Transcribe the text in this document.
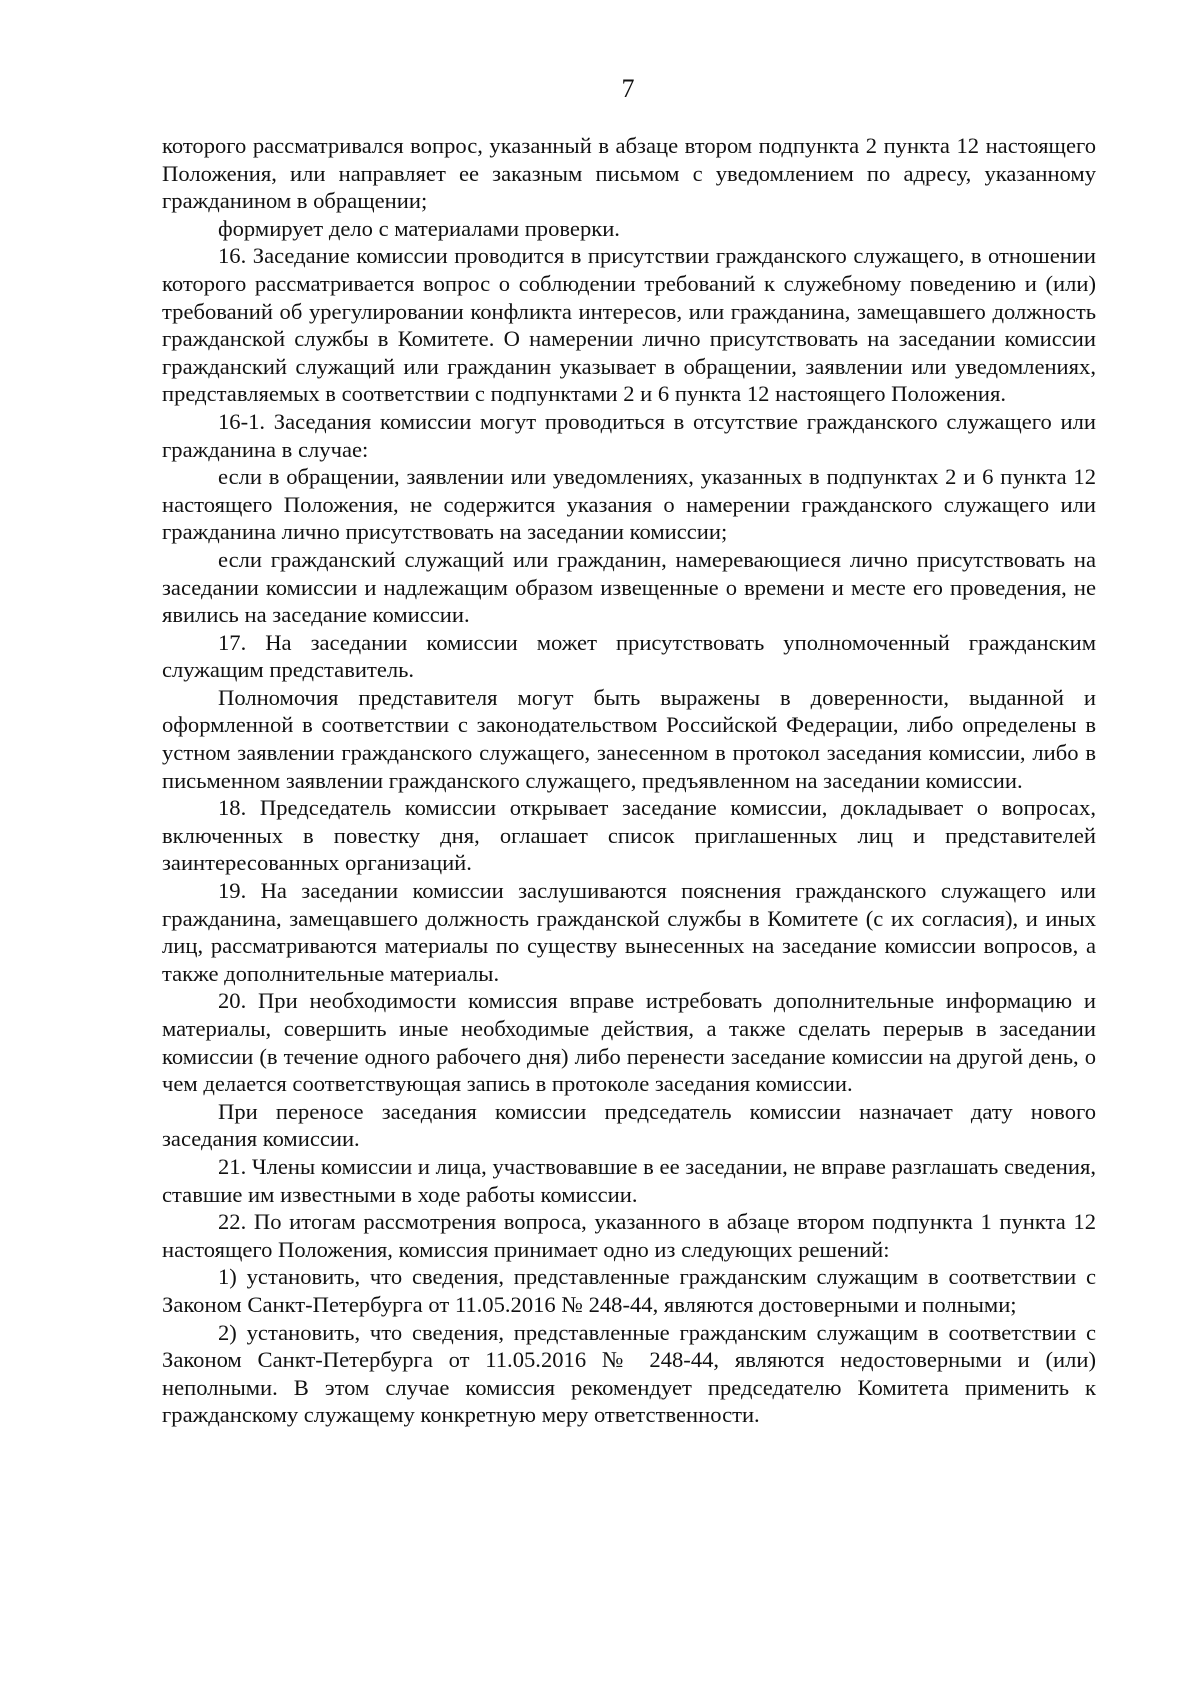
7

которого рассматривался вопрос, указанный в абзаце втором подпункта 2 пункта 12 настоящего Положения, или направляет ее заказным письмом с уведомлением по адресу, указанному гражданином в обращении;

формирует дело с материалами проверки.

16. Заседание комиссии проводится в присутствии гражданского служащего, в отношении которого рассматривается вопрос о соблюдении требований к служебному поведению и (или) требований об урегулировании конфликта интересов, или гражданина, замещавшего должность гражданской службы в Комитете. О намерении лично присутствовать на заседании комиссии гражданский служащий или гражданин указывает в обращении, заявлении или уведомлениях, представляемых в соответствии с подпунктами 2 и 6 пункта 12 настоящего Положения.

16-1. Заседания комиссии могут проводиться в отсутствие гражданского служащего или гражданина в случае:

если в обращении, заявлении или уведомлениях, указанных в подпунктах 2 и 6 пункта 12 настоящего Положения, не содержится указания о намерении гражданского служащего или гражданина лично присутствовать на заседании комиссии;

если гражданский служащий или гражданин, намеревающиеся лично присутствовать на заседании комиссии и надлежащим образом извещенные о времени и месте его проведения, не явились на заседание комиссии.

17. На заседании комиссии может присутствовать уполномоченный гражданским служащим представитель.

Полномочия представителя могут быть выражены в доверенности, выданной и оформленной в соответствии с законодательством Российской Федерации, либо определены в устном заявлении гражданского служащего, занесенном в протокол заседания комиссии, либо в письменном заявлении гражданского служащего, предъявленном на заседании комиссии.

18. Председатель комиссии открывает заседание комиссии, докладывает о вопросах, включенных в повестку дня, оглашает список приглашенных лиц и представителей заинтересованных организаций.

19. На заседании комиссии заслушиваются пояснения гражданского служащего или гражданина, замещавшего должность гражданской службы в Комитете (с их согласия), и иных лиц, рассматриваются материалы по существу вынесенных на заседание комиссии вопросов, а также дополнительные материалы.

20. При необходимости комиссия вправе истребовать дополнительные информацию и материалы, совершить иные необходимые действия, а также сделать перерыв в заседании комиссии (в течение одного рабочего дня) либо перенести заседание комиссии на другой день, о чем делается соответствующая запись в протоколе заседания комиссии.

При переносе заседания комиссии председатель комиссии назначает дату нового заседания комиссии.

21. Члены комиссии и лица, участвовавшие в ее заседании, не вправе разглашать сведения, ставшие им известными в ходе работы комиссии.

22. По итогам рассмотрения вопроса, указанного в абзаце втором подпункта 1 пункта 12 настоящего Положения, комиссия принимает одно из следующих решений:

1) установить, что сведения, представленные гражданским служащим в соответствии с Законом Санкт-Петербурга от 11.05.2016 № 248-44, являются достоверными и полными;

2) установить, что сведения, представленные гражданским служащим в соответствии с Законом Санкт-Петербурга от 11.05.2016 № 248-44, являются недостоверными и (или) неполными. В этом случае комиссия рекомендует председателю Комитета применить к гражданскому служащему конкретную меру ответственности.
